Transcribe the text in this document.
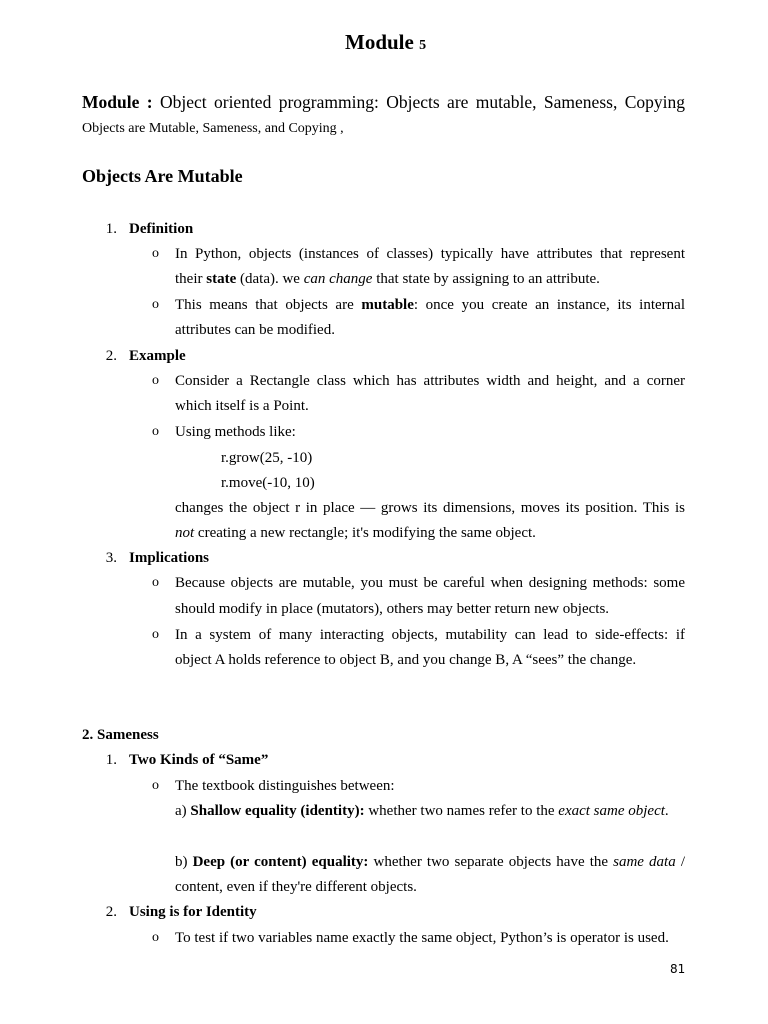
Module 5
Module : Object oriented programming: Objects are mutable, Sameness, Copying
Objects are Mutable, Sameness, and Copying ,
Objects Are Mutable
1. Definition
o In Python, objects (instances of classes) typically have attributes that represent
their state (data). we can change that state by assigning to an attribute.
o This means that objects are mutable: once you create an instance, its internal
attributes can be modified.
2. Example
o Consider a Rectangle class which has attributes width and height, and a corner
which itself is a Point.
o Using methods like:
r.grow(25, -10)
r.move(-10, 10)
changes the object r in place — grows its dimensions, moves its position. This is
not creating a new rectangle; it's modifying the same object.
3. Implications
o Because objects are mutable, you must be careful when designing methods: some
should modify in place (mutators), others may better return new objects.
o In a system of many interacting objects, mutability can lead to side-effects: if
object A holds reference to object B, and you change B, A “sees” the change.
2. Sameness
1. Two Kinds of “Same”
o The textbook distinguishes between:
a) Shallow equality (identity): whether two names refer to the exact same object.
b) Deep (or content) equality: whether two separate objects have the same data /
content, even if they're different objects.
2. Using is for Identity
o To test if two variables name exactly the same object, Python’s is operator is used.
81
